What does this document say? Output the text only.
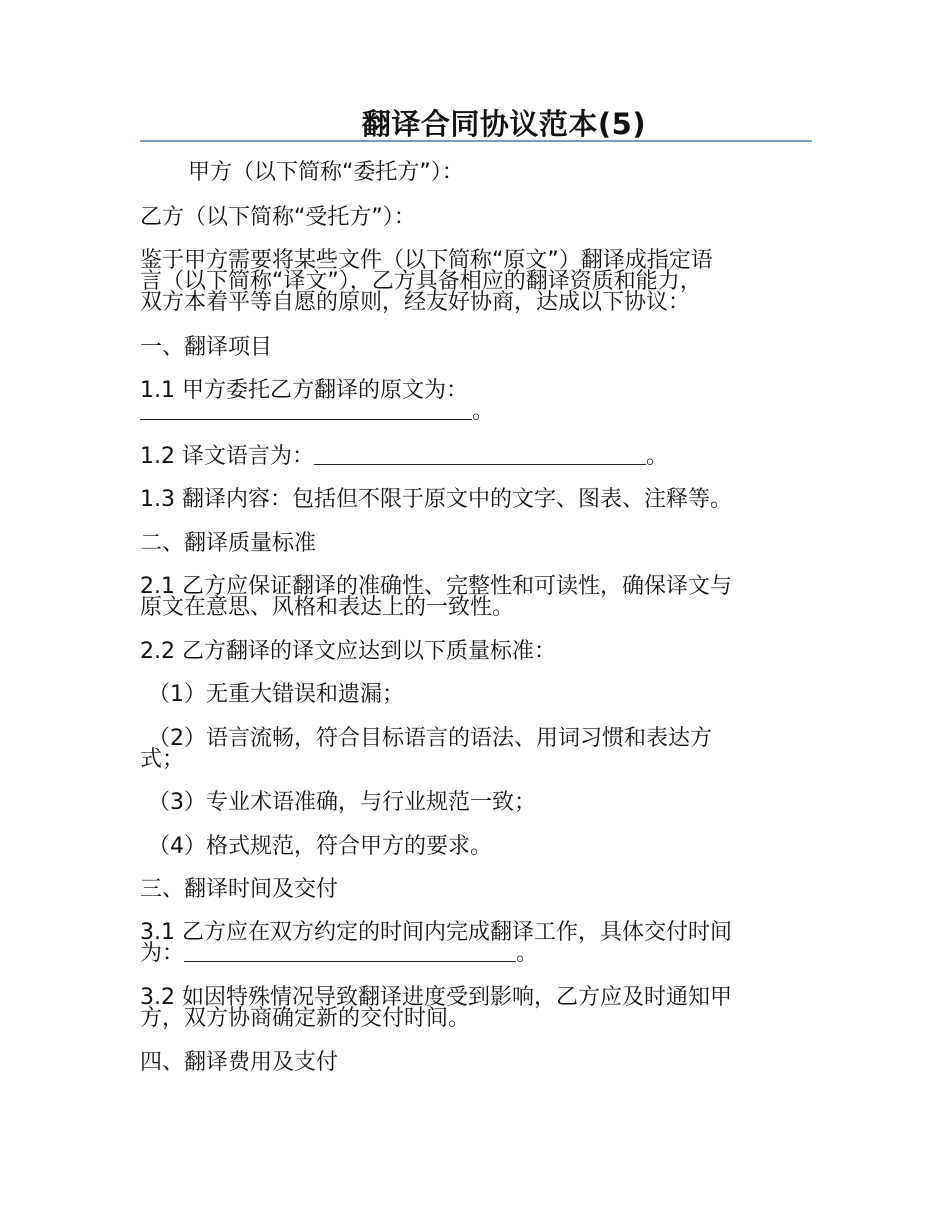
翻译合同协议范本(5)
甲方（以下简称“委托方”）：
乙方（以下简称“受托方”）：
鉴于甲方需要将某些文件（以下简称“原文”）翻译成指定语
言（以下简称“译文”），乙方具备相应的翻译资质和能力，
双方本着平等自愿的原则，经友好协商，达成以下协议：
一、翻译项目
1.1 甲方委托乙方翻译的原文为：
。
1.2 译文语言为：	。
1.3 翻译内容：包括但不限于原文中的文字、图表、注释等。
二、翻译质量标准
2.1 乙方应保证翻译的准确性、完整性和可读性，确保译文与
原文在意思、风格和表达上的一致性。
2.2 乙方翻译的译文应达到以下质量标准：
（1）无重大错误和遗漏；
（2）语言流畅，符合目标语言的语法、用词习惯和表达方
式；
（3）专业术语准确，与行业规范一致；
（4）格式规范，符合甲方的要求。
三、翻译时间及交付
3.1 乙方应在双方约定的时间内完成翻译工作，具体交付时间
为：	。
3.2 如因特殊情况导致翻译进度受到影响，乙方应及时通知甲
方，双方协商确定新的交付时间。
四、翻译费用及支付
